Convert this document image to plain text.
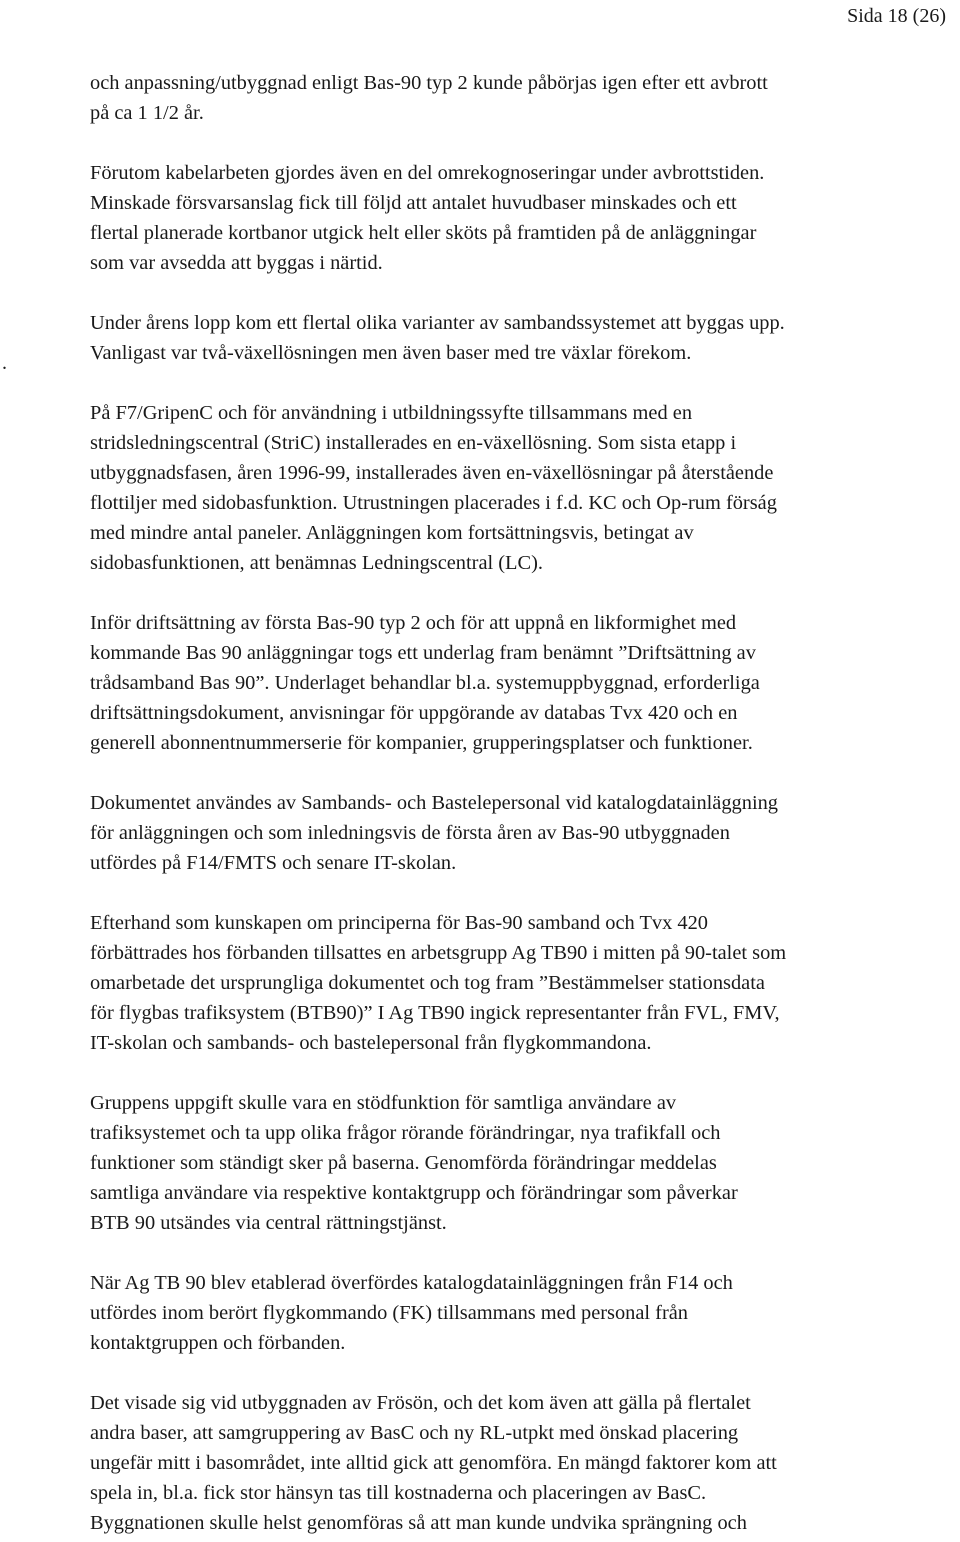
Sida 18 (26)
.

och anpassning/utbyggnad enligt Bas-90 typ 2 kunde påbörjas igen efter ett avbrott
på ca 1 1/2 år.

Förutom kabelarbeten gjordes även en del omrekognoseringar under avbrottstiden.
Minskade försvarsanslag fick till följd att antalet huvudbaser minskades och ett
flertal planerade kortbanor utgick helt eller sköts på framtiden på de anläggningar
som var avsedda att byggas i närtid.

Under årens lopp kom ett flertal olika varianter av sambandssystemet att byggas upp.
Vanligast var två-växellösningen men även baser med tre växlar förekom.

På F7/GripenC och för användning i utbildningssyfte tillsammans med en
stridsledningscentral (StriC) installerades en en-växellösning. Som sista etapp i
utbyggnadsfasen, åren 1996-99, installerades även en-växellösningar på återstående
flottiljer med sidobasfunktion. Utrustningen placerades i f.d. KC och Op-rum förság
med mindre antal paneler. Anläggningen kom fortsättningsvis, betingat av
sidobasfunktionen, att benämnas Ledningscentral (LC).

Inför driftsättning av första Bas-90 typ 2 och för att uppnå en likformighet med
kommande Bas 90 anläggningar togs ett underlag fram benämnt ”Driftsättning av
trådsamband Bas 90”. Underlaget behandlar bl.a. systemuppbyggnad, erforderliga
driftsättningsdokument, anvisningar för uppgörande av databas Tvx 420 och en
generell abonnentnummerserie för kompanier, grupperingsplatser och funktioner.

Dokumentet användes av Sambands- och Bastelepersonal vid katalogdatainläggning
för anläggningen och som inledningsvis de första åren av Bas-90 utbyggnaden
utfördes på F14/FMTS och senare IT-skolan.

Efterhand som kunskapen om principerna för Bas-90 samband och Tvx 420
förbättrades hos förbanden tillsattes en arbetsgrupp Ag TB90 i mitten på 90-talet som
omarbetade det ursprungliga dokumentet och tog fram ”Bestämmelser stationsdata
för flygbas trafiksystem (BTB90)” I Ag TB90 ingick representanter från FVL, FMV,
IT-skolan och sambands- och bastelepersonal från flygkommandona.

Gruppens uppgift skulle vara en stödfunktion för samtliga användare av
trafiksystemet och ta upp olika frågor rörande förändringar, nya trafikfall och
funktioner som ständigt sker på baserna. Genomförda förändringar meddelas
samtliga användare via respektive kontaktgrupp och förändringar som påverkar
BTB 90 utsändes via central rättningstjänst.

När Ag TB 90 blev etablerad överfördes katalogdatainläggningen från F14 och
utfördes inom berört flygkommando (FK) tillsammans med personal från
kontaktgruppen och förbanden.

Det visade sig vid utbyggnaden av Frösön, och det kom även att gälla på flertalet
andra baser, att samgruppering av BasC och ny RL-utpkt med önskad placering
ungefär mitt i basområdet, inte alltid gick att genomföra. En mängd faktorer kom att
spela in, bl.a. fick stor hänsyn tas till kostnaderna och placeringen av BasC.
Byggnationen skulle helst genomföras så att man kunde undvika sprängning och
